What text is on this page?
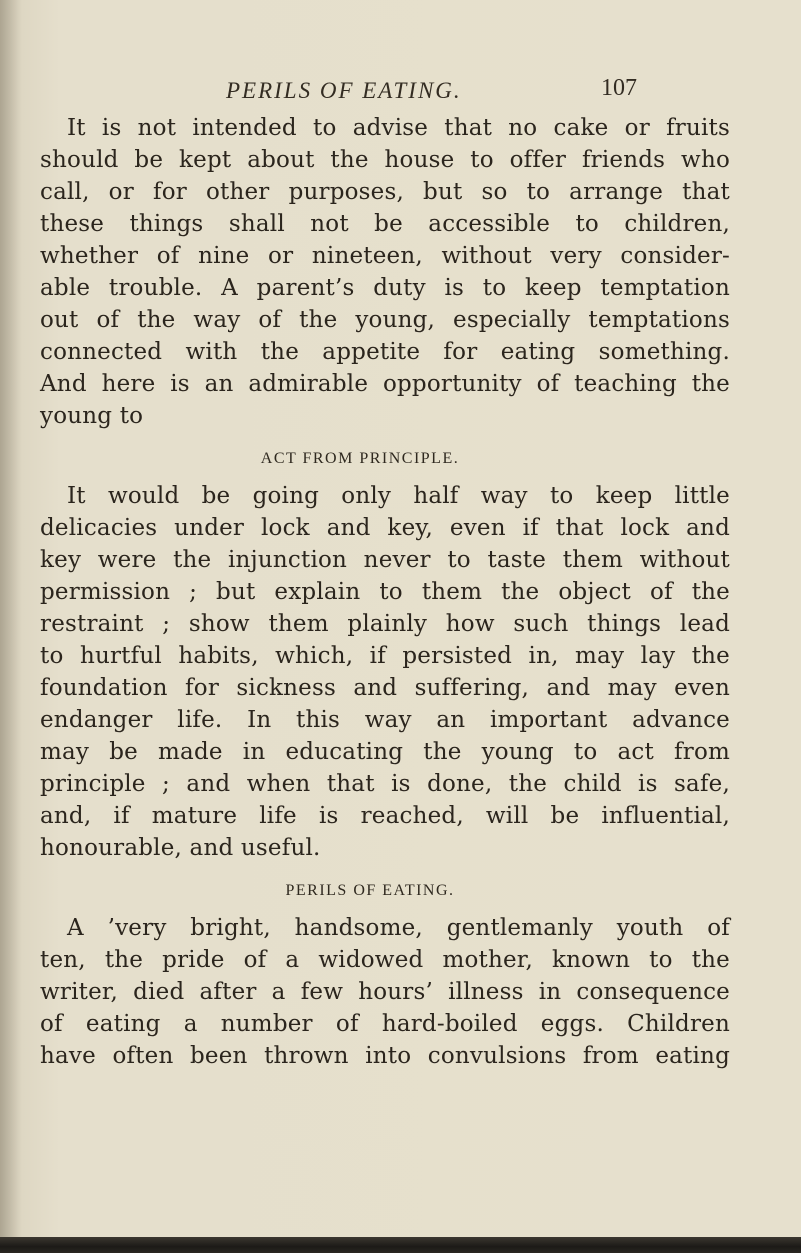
PERILS OF EATING.	107
It is not intended to advise that no cake or fruits
should be kept about the house to offer friends who
call, or for other purposes, but so to arrange that
these things shall not be accessible to children,
whether of nine or nineteen, without very consider-
able trouble. A parent’s duty is to keep temptation
out of the way of the young, especially temptations
connected with the appetite for eating something.
And here is an admirable opportunity of teaching the
young to
ACT FROM PRINCIPLE.
It would be going only half way to keep little
delicacies under lock and key, even if that lock and
key were the injunction never to taste them without
permission ; but explain to them the object of the
restraint ; show them plainly how such things lead
to hurtful habits, which, if persisted in, may lay the
foundation for sickness and suffering, and may even
endanger life. In this way an important advance
may be made in educating the young to act from
principle ; and when that is done, the child is safe,
and, if mature life is reached, will be influential,
honourable, and useful.
PERILS OF EATING.
A ’very bright, handsome, gentlemanly youth of
ten, the pride of a widowed mother, known to the
writer, died after a few hours’ illness in consequence
of eating a number of hard-boiled eggs. Children
have often been thrown into convulsions from eating
